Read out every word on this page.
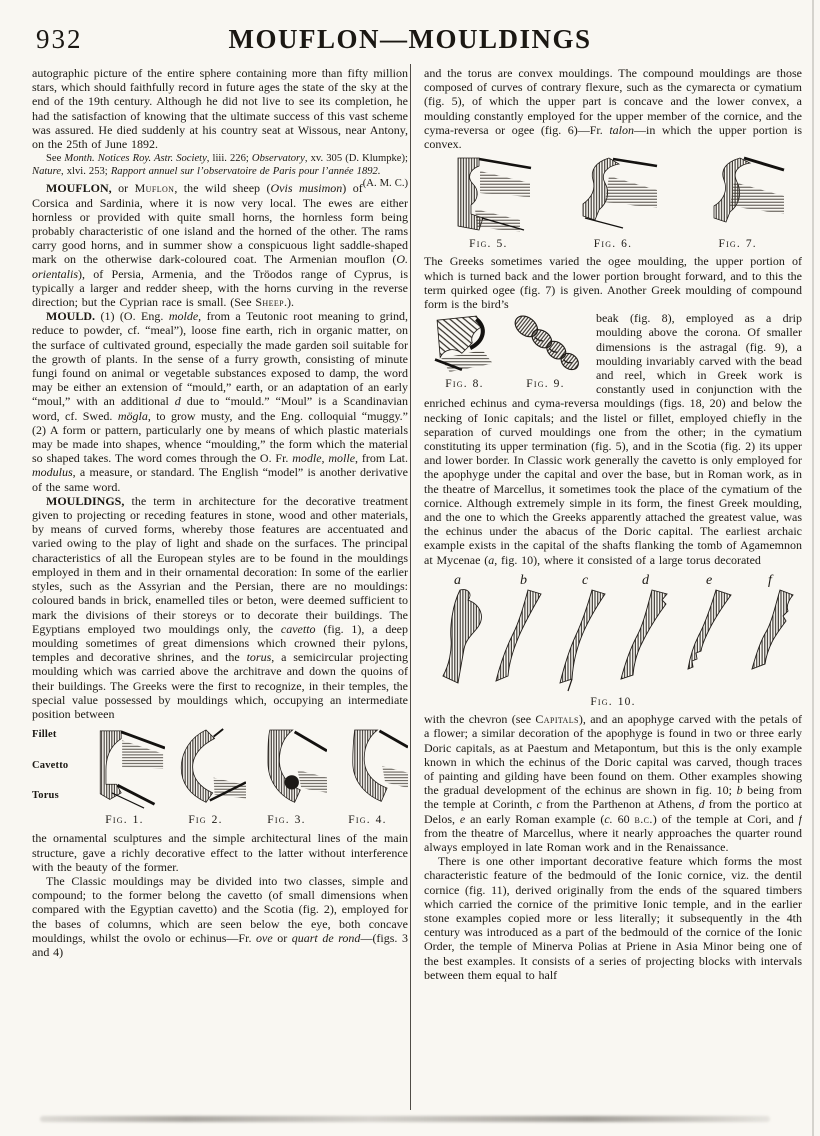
932	MOUFLON—MOULDINGS

autographic picture of the entire sphere containing more than fifty million stars, which should faithfully record in future ages the state of the sky at the end of the 19th century. Although he did not live to see its completion, he had the satisfaction of knowing that the ultimate success of this vast scheme was assured. He died suddenly at his country seat at Wissous, near Antony, on the 25th of June 1892.

See Month. Notices Roy. Astr. Society, liii. 226; Observatory, xv. 305 (D. Klumpke); Nature, xlvi. 253; Rapport annuel sur l’observatoire de Paris pour l’année 1892.
(A. M. C.)

MOUFLON, or Muflon, the wild sheep (Ovis musimon) of Corsica and Sardinia, where it is now very local. The ewes are either hornless or provided with quite small horns, the hornless form being probably characteristic of one island and the horned of the other. The rams carry good horns, and in summer show a conspicuous light saddle-shaped mark on the otherwise dark-coloured coat. The Armenian mouflon (O. orientalis), of Persia, Armenia, and the Tröodos range of Cyprus, is typically a larger and redder sheep, with the horns curving in the reverse direction; but the Cyprian race is small. (See Sheep.).

MOULD. (1) (O. Eng. molde, from a Teutonic root meaning to grind, reduce to powder, cf. “meal”), loose fine earth, rich in organic matter, on the surface of cultivated ground, especially the made garden soil suitable for the growth of plants. In the sense of a furry growth, consisting of minute fungi found on animal or vegetable substances exposed to damp, the word may be either an extension of “mould,” earth, or an adaptation of an early “moul,” with an additional d due to “mould.” “Moul” is a Scandinavian word, cf. Swed. mögla, to grow musty, and the Eng. colloquial “muggy.” (2) A form or pattern, particularly one by means of which plastic materials may be made into shapes, whence “moulding,” the form which the material so shaped takes. The word comes through the O. Fr. modle, molle, from Lat. modulus, a measure, or standard. The English “model” is another derivative of the same word.

MOULDINGS, the term in architecture for the decorative treatment given to projecting or receding features in stone, wood and other materials, by means of curved forms, whereby those features are accentuated and varied owing to the play of light and shade on the surfaces. The principal characteristics of all the European styles are to be found in the mouldings employed in them and in their ornamental decoration: In some of the earlier styles, such as the Assyrian and the Persian, there are no mouldings: coloured bands in brick, enamelled tiles or beton, were deemed sufficient to mark the divisions of their storeys or to decorate their buildings. The Egyptians employed two mouldings only, the cavetto (fig. 1), a deep moulding sometimes of great dimensions which crowned their pylons, temples and decorative shrines, and the torus, a semicircular projecting moulding which was carried above the architrave and down the quoins of their buildings. The Greeks were the first to recognize, in their temples, the special value possessed by mouldings which, occupying an intermediate position between

Fillet
Cavetto
Torus
Fig. 1.	Fig 2.	Fig. 3.	Fig. 4.

the ornamental sculptures and the simple architectural lines of the main structure, gave a richly decorative effect to the latter without interference with the beauty of the former.

The Classic mouldings may be divided into two classes, simple and compound; to the former belong the cavetto (of small dimensions when compared with the Egyptian cavetto) and the Scotia (fig. 2), employed for the bases of columns, which are seen below the eye, both concave mouldings, whilst the ovolo or echinus—Fr. ove or quart de rond—(figs. 3 and 4)

and the torus are convex mouldings. The compound mouldings are those composed of curves of contrary flexure, such as the cymarecta or cymatium (fig. 5), of which the upper part is concave and the lower convex, a moulding constantly employed for the upper member of the cornice, and the cyma-reversa or ogee (fig. 6)—Fr. talon—in which the upper portion is convex.

Fig. 5.	Fig. 6.	Fig. 7.

The Greeks sometimes varied the ogee moulding, the upper portion of which is turned back and the lower portion brought forward, and to this the term quirked ogee (fig. 7) is given. Another Greek moulding of compound form is the bird’s

Fig. 8.	Fig. 9.

beak (fig. 8), employed as a drip moulding above the corona. Of smaller dimensions is the astragal (fig. 9), a moulding invariably carved with the bead and reel, which in Greek work is constantly used in conjunction with the

enriched echinus and cyma-reversa mouldings (figs. 18, 20) and below the necking of Ionic capitals; and the listel or fillet, employed chiefly in the separation of curved mouldings one from the other; in the cymatium constituting its upper termination (fig. 5), and in the Scotia (fig. 2) its upper and lower border. In Classic work generally the cavetto is only employed for the apophyge under the capital and over the base, but in Roman work, as in the theatre of Marcellus, it sometimes took the place of the cymatium of the cornice. Although extremely simple in its form, the finest Greek moulding, and the one to which the Greeks apparently attached the greatest value, was the echinus under the abacus of the Doric capital. The earliest archaic example exists in the capital of the shafts flanking the tomb of Agamemnon at Mycenae (a, fig. 10), where it consisted of a large torus decorated

a	b	c	d	e	f
Fig. 10.

with the chevron (see Capitals), and an apophyge carved with the petals of a flower; a similar decoration of the apophyge is found in two or three early Doric capitals, as at Paestum and Metapontum, but this is the only example known in which the echinus of the Doric capital was carved, though traces of painting and gilding have been found on them. Other examples showing the gradual development of the echinus are shown in fig. 10; b being from the temple at Corinth, c from the Parthenon at Athens, d from the portico at Delos, e an early Roman example (c. 60 b.c.) of the temple at Cori, and f from the theatre of Marcellus, where it nearly approaches the quarter round always employed in late Roman work and in the Renaissance.

There is one other important decorative feature which forms the most characteristic feature of the bedmould of the Ionic cornice, viz. the dentil cornice (fig. 11), derived originally from the ends of the squared timbers which carried the cornice of the primitive Ionic temple, and in the earlier stone examples copied more or less literally; it subsequently in the 4th century was introduced as a part of the bedmould of the cornice of the Ionic Order, the temple of Minerva Polias at Priene in Asia Minor being one of the best examples. It consists of a series of projecting blocks with intervals between them equal to half
